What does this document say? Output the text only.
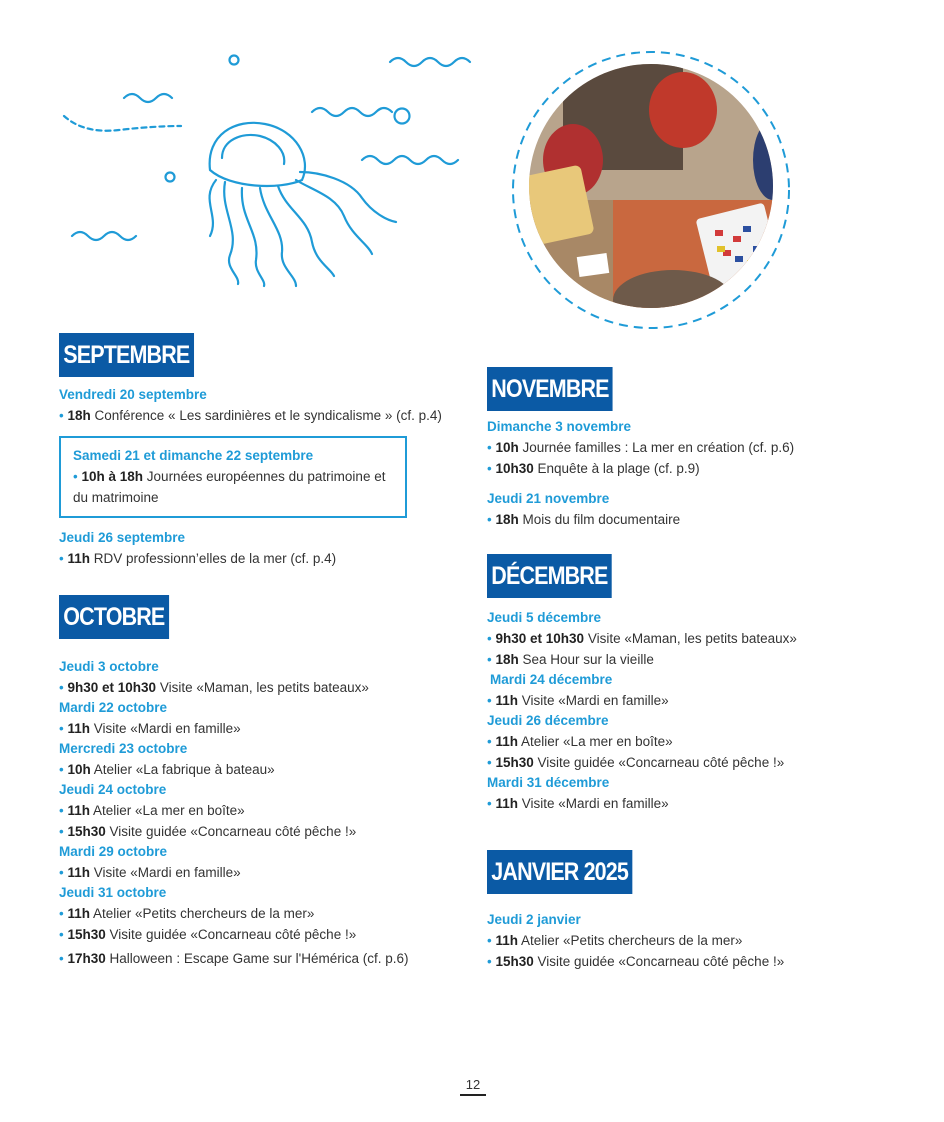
SEPTEMBRE
Vendredi 20 septembre
• 18h Conférence « Les sardinières et le syndicalisme » (cf. p.4)
Samedi 21 et dimanche 22 septembre
• 10h à 18h Journées européennes du patrimoine et du matrimoine
Jeudi 26 septembre
• 11h RDV professionn’elles de la mer (cf. p.4)
OCTOBRE
Jeudi 3 octobre
• 9h30 et 10h30 Visite «Maman, les petits bateaux»
Mardi 22 octobre
• 11h Visite «Mardi en famille»
Mercredi 23 octobre
• 10h Atelier «La fabrique à bateau»
Jeudi 24 octobre
• 11h Atelier «La mer en boîte»
• 15h30 Visite guidée «Concarneau côté pêche !»
Mardi 29 octobre
• 11h Visite «Mardi en famille»
Jeudi 31 octobre
• 11h Atelier «Petits chercheurs de la mer»
• 15h30 Visite guidée «Concarneau côté pêche !»
• 17h30 Halloween : Escape Game sur l'Hémérica (cf. p.6)
NOVEMBRE
Dimanche 3 novembre
• 10h Journée familles : La mer en création (cf. p.6)
• 10h30 Enquête à la plage (cf. p.9)
Jeudi 21 novembre
• 18h Mois du film documentaire
DÉCEMBRE
Jeudi 5 décembre
• 9h30 et 10h30 Visite «Maman, les petits bateaux»
• 18h Sea Hour sur la vieille
Mardi 24 décembre
• 11h Visite «Mardi en famille»
Jeudi 26 décembre
• 11h Atelier «La mer en boîte»
• 15h30 Visite guidée «Concarneau côté pêche !»
Mardi 31 décembre
• 11h Visite «Mardi en famille»
JANVIER 2025
Jeudi 2 janvier
• 11h Atelier «Petits chercheurs de la mer»
• 15h30 Visite guidée «Concarneau côté pêche !»
12
